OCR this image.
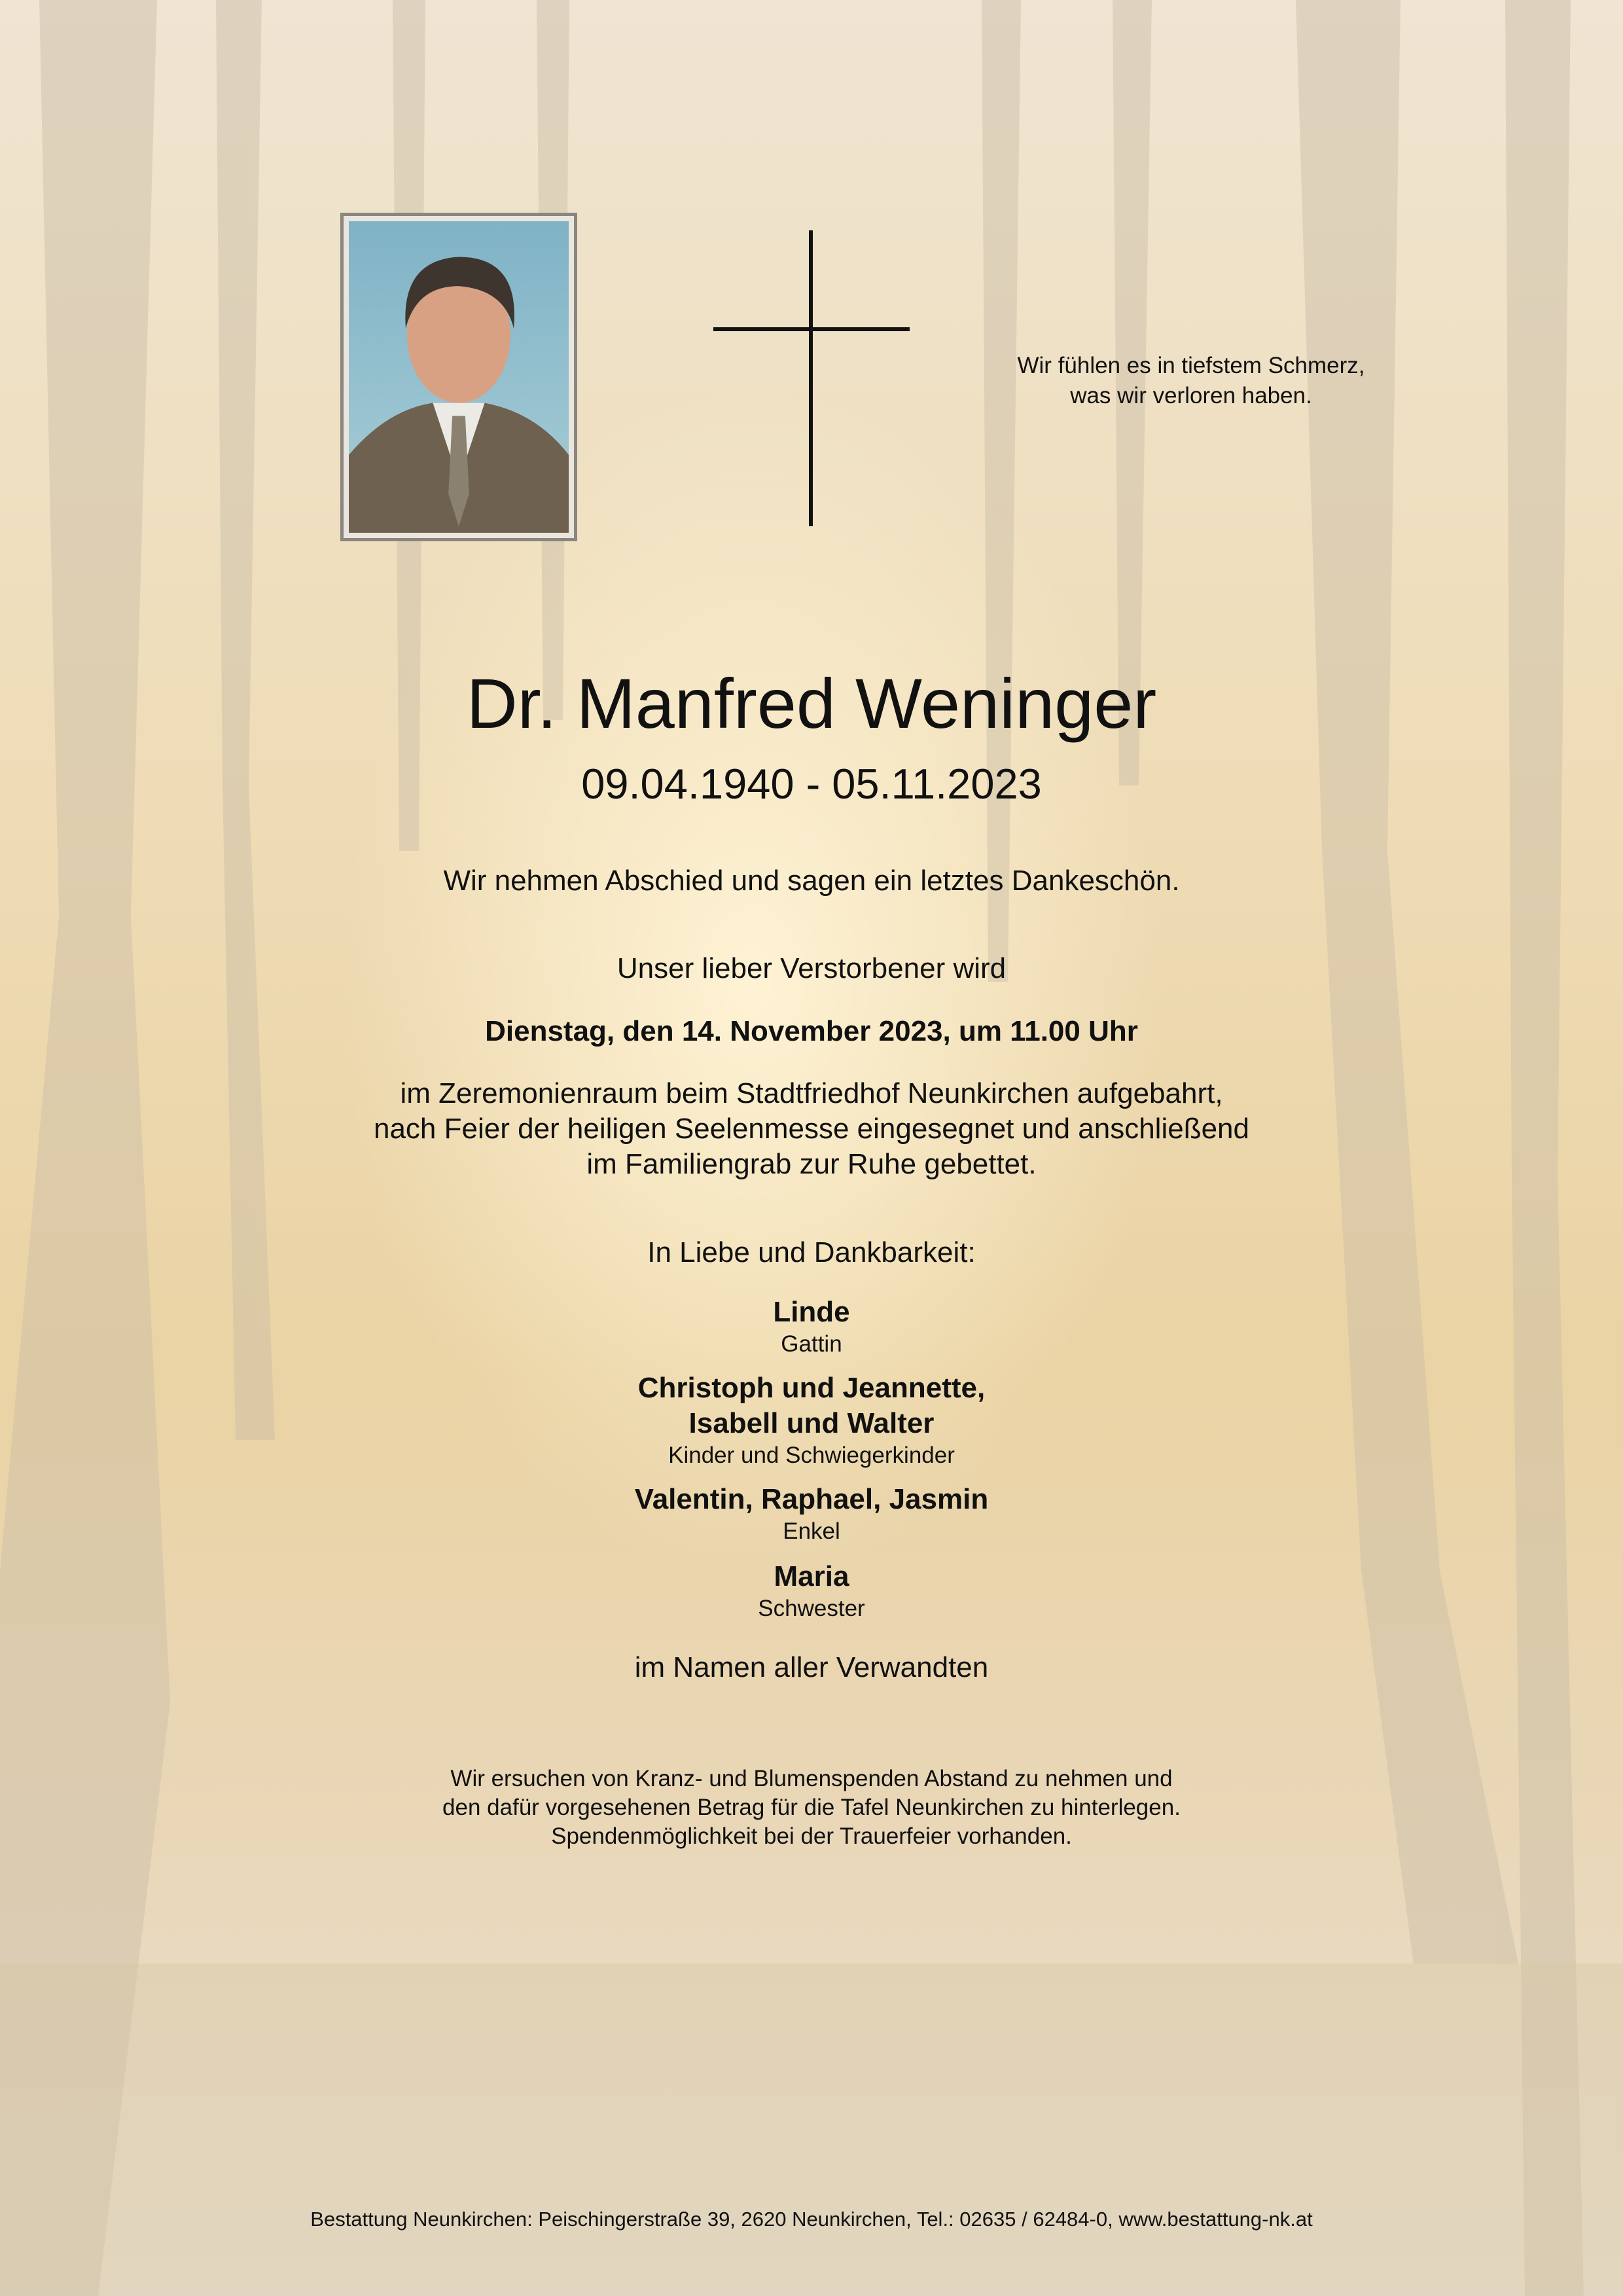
Wir fühlen es in tiefstem Schmerz,
was wir verloren haben.
Dr. Manfred Weninger
09.04.1940 - 05.11.2023
Wir nehmen Abschied und sagen ein letztes Dankeschön.
Unser lieber Verstorbener wird
Dienstag, den 14. November 2023, um 11.00 Uhr
im Zeremonienraum beim Stadtfriedhof Neunkirchen aufgebahrt,
nach Feier der heiligen Seelenmesse eingesegnet und anschließend
im Familiengrab zur Ruhe gebettet.
In Liebe und Dankbarkeit:
Linde
Gattin
Christoph und Jeannette,
Isabell und Walter
Kinder und Schwiegerkinder
Valentin, Raphael, Jasmin
Enkel
Maria
Schwester
im Namen aller Verwandten
Wir ersuchen von Kranz- und Blumenspenden Abstand zu nehmen und
den dafür vorgesehenen Betrag für die Tafel Neunkirchen zu hinterlegen.
Spendenmöglichkeit bei der Trauerfeier vorhanden.
Bestattung Neunkirchen: Peischingerstraße 39, 2620 Neunkirchen, Tel.: 02635 / 62484-0, www.bestattung-nk.at
